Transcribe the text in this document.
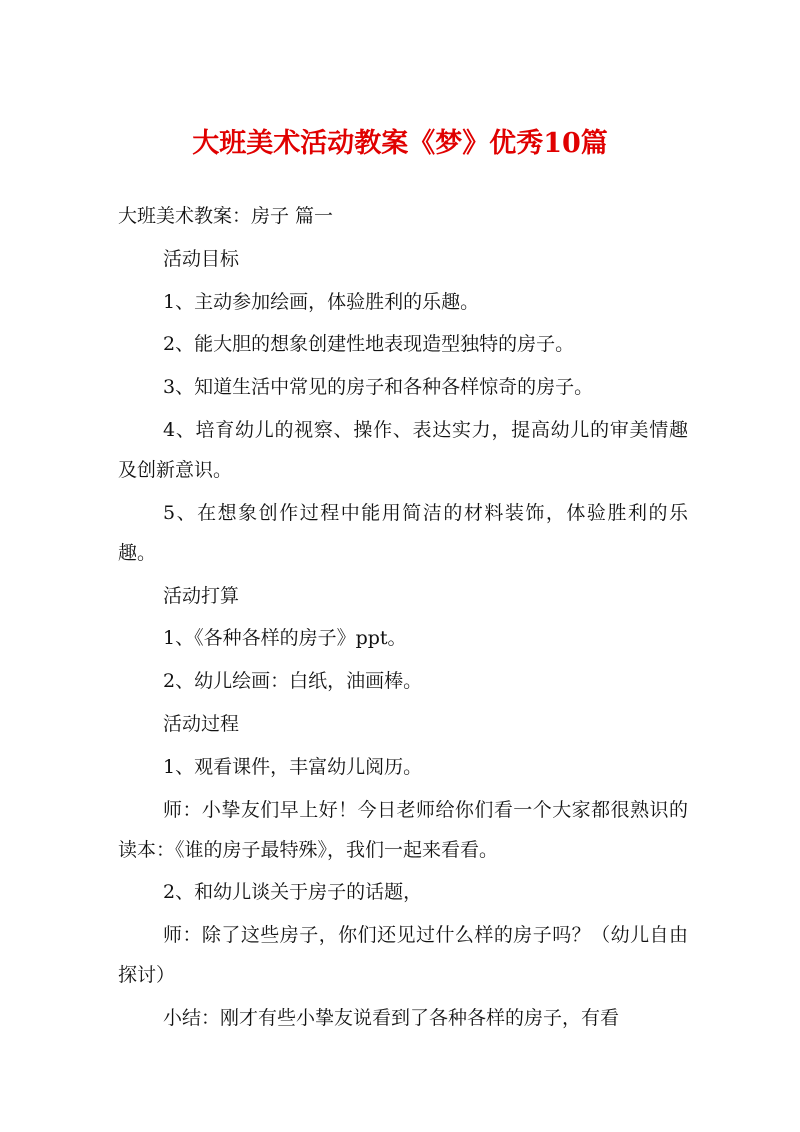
大班美术活动教案《梦》优秀10篇

大班美术教案：房子 篇一

活动目标

1、主动参加绘画，体验胜利的乐趣。

2、能大胆的想象创建性地表现造型独特的房子。

3、知道生活中常见的房子和各种各样惊奇的房子。

4、培育幼儿的视察、操作、表达实力，提高幼儿的审美情趣及创新意识。

5、在想象创作过程中能用简洁的材料装饰，体验胜利的乐趣。

活动打算

1、《各种各样的房子》ppt。

2、幼儿绘画：白纸，油画棒。

活动过程

1、观看课件，丰富幼儿阅历。

师：小挚友们早上好！今日老师给你们看一个大家都很熟识的读本：《谁的房子最特殊》，我们一起来看看。

2、和幼儿谈关于房子的话题，

师：除了这些房子，你们还见过什么样的房子吗？（幼儿自由探讨）

小结：刚才有些小挚友说看到了各种各样的房子，有看
